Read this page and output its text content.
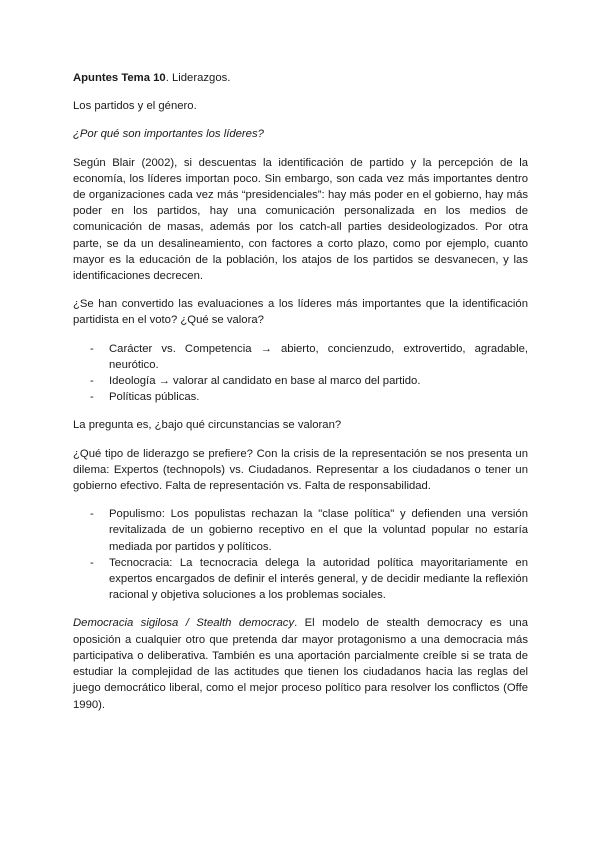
Apuntes Tema 10. Liderazgos.

Los partidos y el género.

¿Por qué son importantes los líderes?

Según Blair (2002), si descuentas la identificación de partido y la percepción de la economía, los líderes importan poco. Sin embargo, son cada vez más importantes dentro de organizaciones cada vez más “presidenciales”: hay más poder en el gobierno, hay más poder en los partidos, hay una comunicación personalizada en los medios de comunicación de masas, además por los catch-all parties desideologizados. Por otra parte, se da un desalineamiento, con factores a corto plazo, como por ejemplo, cuanto mayor es la educación de la población, los atajos de los partidos se desvanecen, y las identificaciones decrecen.

¿Se han convertido las evaluaciones a los líderes más importantes que la identificación partidista en el voto? ¿Qué se valora?

- Carácter vs. Competencia → abierto, concienzudo, extrovertido, agradable, neurótico.
- Ideología → valorar al candidato en base al marco del partido.
- Políticas públicas.

La pregunta es, ¿bajo qué circunstancias se valoran?

¿Qué tipo de liderazgo se prefiere? Con la crisis de la representación se nos presenta un dilema: Expertos (technopols) vs. Ciudadanos. Representar a los ciudadanos o tener un gobierno efectivo. Falta de representación vs. Falta de responsabilidad.

- Populismo: Los populistas rechazan la "clase política" y defienden una versión revitalizada de un gobierno receptivo en el que la voluntad popular no estaría mediada por partidos y políticos.
- Tecnocracia: La tecnocracia delega la autoridad política mayoritariamente en expertos encargados de definir el interés general, y de decidir mediante la reflexión racional y objetiva soluciones a los problemas sociales.

Democracia sigilosa / Stealth democracy. El modelo de stealth democracy es una oposición a cualquier otro que pretenda dar mayor protagonismo a una democracia más participativa o deliberativa. También es una aportación parcialmente creíble si se trata de estudiar la complejidad de las actitudes que tienen los ciudadanos hacia las reglas del juego democrático liberal, como el mejor proceso político para resolver los conflictos (Offe 1990).
